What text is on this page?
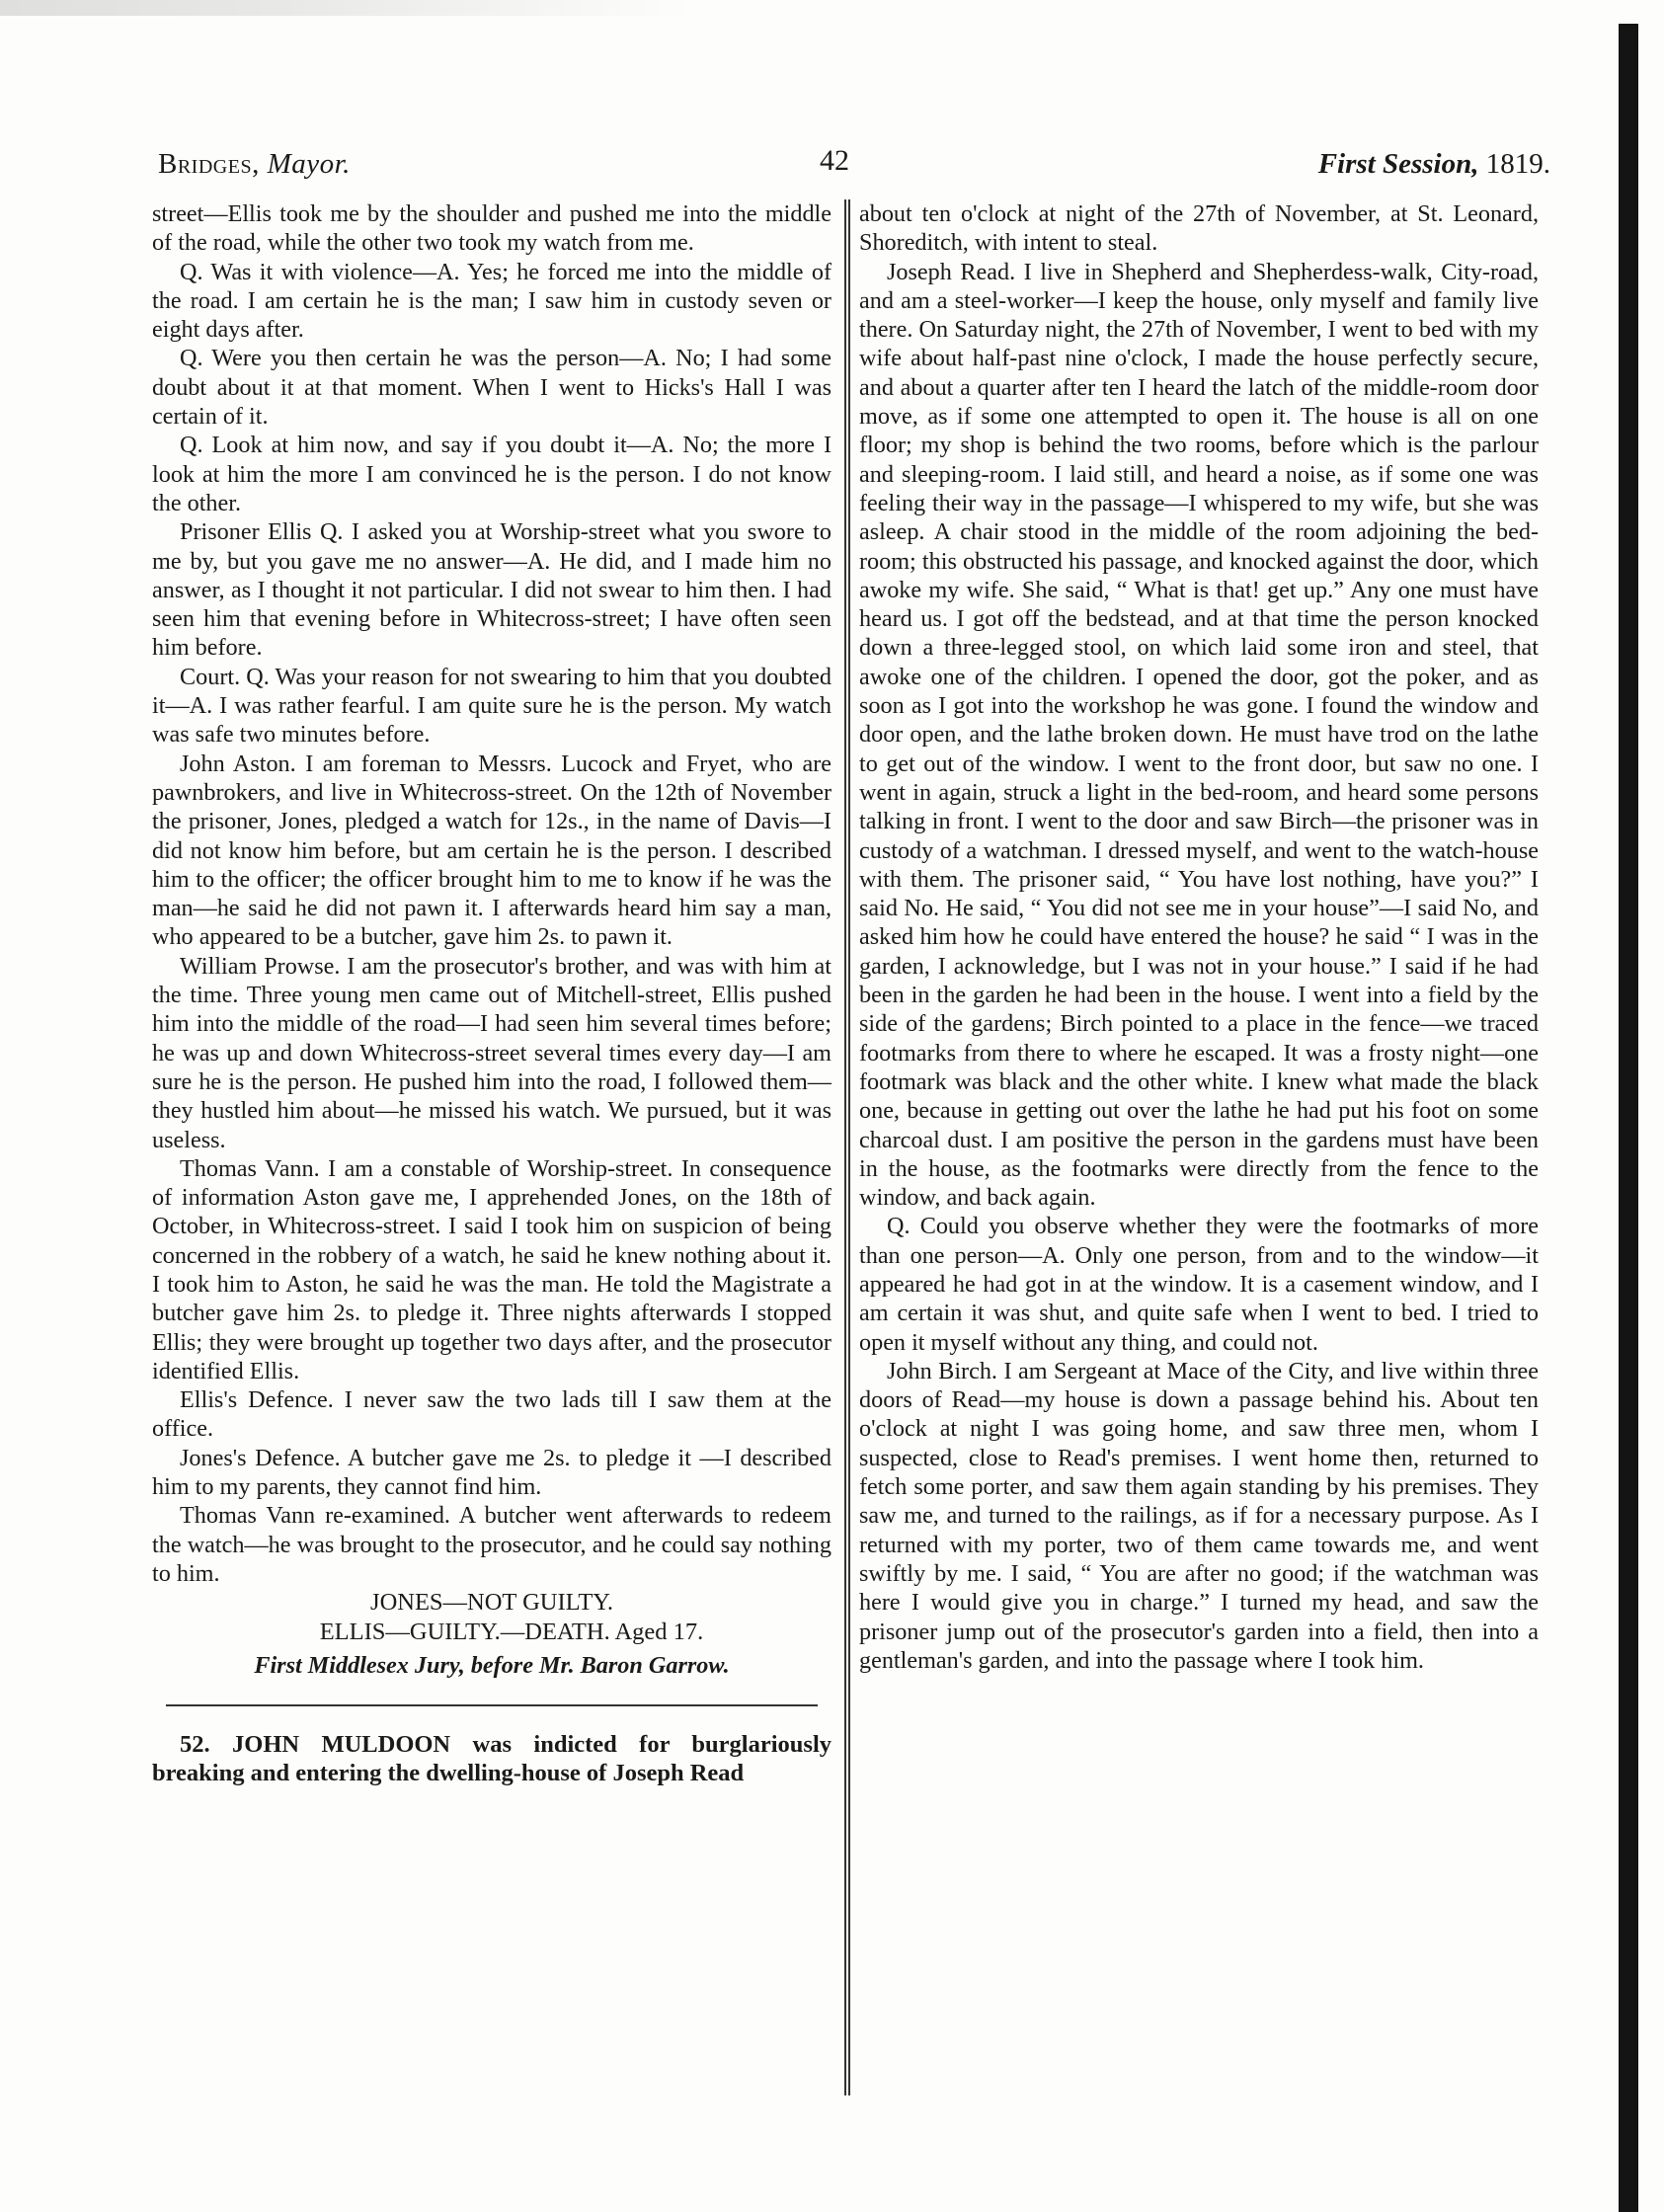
Bridges, Mayor.	42	First Session, 1819.

street—Ellis took me by the shoulder and pushed me into the middle of the road, while the other two took my watch from me.

Q. Was it with violence—A. Yes; he forced me into the middle of the road. I am certain he is the man; I saw him in custody seven or eight days after.

Q. Were you then certain he was the person—A. No; I had some doubt about it at that moment. When I went to Hicks's Hall I was certain of it.

Q. Look at him now, and say if you doubt it—A. No; the more I look at him the more I am convinced he is the person. I do not know the other.

Prisoner Ellis Q. I asked you at Worship-street what you swore to me by, but you gave me no answer—A. He did, and I made him no answer, as I thought it not particular. I did not swear to him then. I had seen him that evening before in Whitecross-street; I have often seen him before.

Court. Q. Was your reason for not swearing to him that you doubted it—A. I was rather fearful. I am quite sure he is the person. My watch was safe two minutes before.

John Aston. I am foreman to Messrs. Lucock and Fryet, who are pawnbrokers, and live in Whitecross-street. On the 12th of November the prisoner, Jones, pledged a watch for 12s., in the name of Davis—I did not know him before, but am certain he is the person. I described him to the officer; the officer brought him to me to know if he was the man—he said he did not pawn it. I afterwards heard him say a man, who appeared to be a butcher, gave him 2s. to pawn it.

William Prowse. I am the prosecutor's brother, and was with him at the time. Three young men came out of Mitchell-street, Ellis pushed him into the middle of the road—I had seen him several times before; he was up and down Whitecross-street several times every day—I am sure he is the person. He pushed him into the road, I followed them—they hustled him about—he missed his watch. We pursued, but it was useless.

Thomas Vann. I am a constable of Worship-street. In consequence of information Aston gave me, I apprehended Jones, on the 18th of October, in Whitecross-street. I said I took him on suspicion of being concerned in the robbery of a watch, he said he knew nothing about it. I took him to Aston, he said he was the man. He told the Magistrate a butcher gave him 2s. to pledge it. Three nights afterwards I stopped Ellis; they were brought up together two days after, and the prosecutor identified Ellis.

Ellis's Defence. I never saw the two lads till I saw them at the office.

Jones's Defence. A butcher gave me 2s. to pledge it —I described him to my parents, they cannot find him.

Thomas Vann re-examined. A butcher went afterwards to redeem the watch—he was brought to the prosecutor, and he could say nothing to him.

JONES—NOT GUILTY.

ELLIS—GUILTY.—DEATH. Aged 17.

First Middlesex Jury, before Mr. Baron Garrow.

52. JOHN MULDOON was indicted for burglariously breaking and entering the dwelling-house of Joseph Read

about ten o'clock at night of the 27th of November, at St. Leonard, Shoreditch, with intent to steal.

Joseph Read. I live in Shepherd and Shepherdess-walk, City-road, and am a steel-worker—I keep the house, only myself and family live there. On Saturday night, the 27th of November, I went to bed with my wife about half-past nine o'clock, I made the house perfectly secure, and about a quarter after ten I heard the latch of the middle-room door move, as if some one attempted to open it. The house is all on one floor; my shop is behind the two rooms, before which is the parlour and sleeping-room. I laid still, and heard a noise, as if some one was feeling their way in the passage—I whispered to my wife, but she was asleep. A chair stood in the middle of the room adjoining the bed-room; this obstructed his passage, and knocked against the door, which awoke my wife. She said, “ What is that! get up.” Any one must have heard us. I got off the bedstead, and at that time the person knocked down a three-legged stool, on which laid some iron and steel, that awoke one of the children. I opened the door, got the poker, and as soon as I got into the workshop he was gone. I found the window and door open, and the lathe broken down. He must have trod on the lathe to get out of the window. I went to the front door, but saw no one. I went in again, struck a light in the bed-room, and heard some persons talking in front. I went to the door and saw Birch—the prisoner was in custody of a watchman. I dressed myself, and went to the watch-house with them. The prisoner said, “ You have lost nothing, have you?” I said No. He said, “ You did not see me in your house”—I said No, and asked him how he could have entered the house? he said “ I was in the garden, I acknowledge, but I was not in your house.” I said if he had been in the garden he had been in the house. I went into a field by the side of the gardens; Birch pointed to a place in the fence—we traced footmarks from there to where he escaped. It was a frosty night—one footmark was black and the other white. I knew what made the black one, because in getting out over the lathe he had put his foot on some charcoal dust. I am positive the person in the gardens must have been in the house, as the footmarks were directly from the fence to the window, and back again.

Q. Could you observe whether they were the footmarks of more than one person—A. Only one person, from and to the window—it appeared he had got in at the window. It is a casement window, and I am certain it was shut, and quite safe when I went to bed. I tried to open it myself without any thing, and could not.

John Birch. I am Sergeant at Mace of the City, and live within three doors of Read—my house is down a passage behind his. About ten o'clock at night I was going home, and saw three men, whom I suspected, close to Read's premises. I went home then, returned to fetch some porter, and saw them again standing by his premises. They saw me, and turned to the railings, as if for a necessary purpose. As I returned with my porter, two of them came towards me, and went swiftly by me. I said, “ You are after no good; if the watchman was here I would give you in charge.” I turned my head, and saw the prisoner jump out of the prosecutor's garden into a field, then into a gentleman's garden, and into the passage where I took him.
